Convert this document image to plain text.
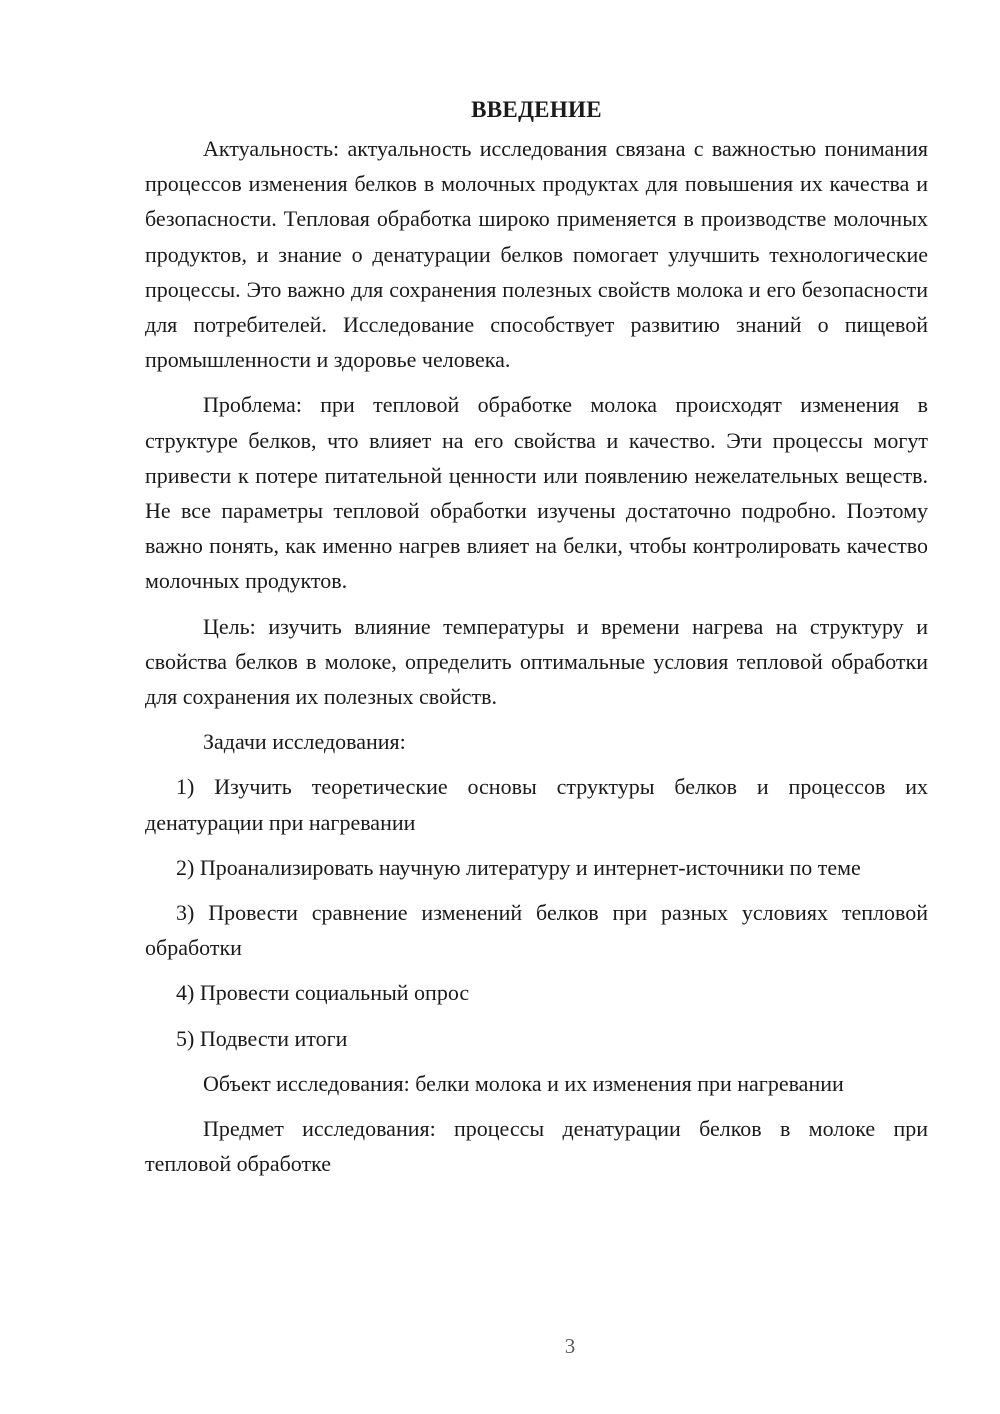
ВВЕДЕНИЕ

Актуальность: актуальность исследования связана с важностью понимания процессов изменения белков в молочных продуктах для повышения их качества и безопасности. Тепловая обработка широко применяется в производстве молочных продуктов, и знание о денатурации белков помогает улучшить технологические процессы. Это важно для сохранения полезных свойств молока и его безопасности для потребителей. Исследование способствует развитию знаний о пищевой промышленности и здоровье человека.

Проблема: при тепловой обработке молока происходят изменения в структуре белков, что влияет на его свойства и качество. Эти процессы могут привести к потере питательной ценности или появлению нежелательных веществ. Не все параметры тепловой обработки изучены достаточно подробно. Поэтому важно понять, как именно нагрев влияет на белки, чтобы контролировать качество молочных продуктов.

Цель: изучить влияние температуры и времени нагрева на структуру и свойства белков в молоке, определить оптимальные условия тепловой обработки для сохранения их полезных свойств.

Задачи исследования:

1) Изучить теоретические основы структуры белков и процессов их денатурации при нагревании

2) Проанализировать научную литературу и интернет-источники по теме

3) Провести сравнение изменений белков при разных условиях тепловой обработки

4) Провести социальный опрос

5) Подвести итоги

Объект исследования: белки молока и их изменения при нагревании

Предмет исследования: процессы денатурации белков в молоке при тепловой обработке

3
